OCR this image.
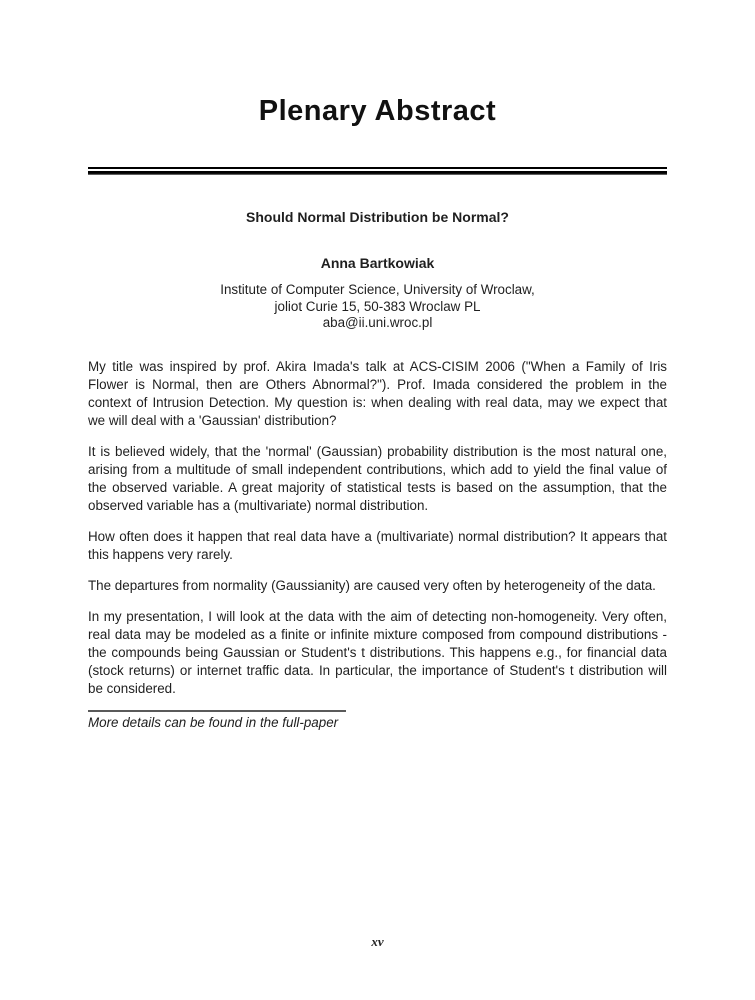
Plenary Abstract
Should Normal Distribution be Normal?
Anna Bartkowiak
Institute of Computer Science, University of Wroclaw,
joliot Curie 15, 50-383 Wroclaw PL
aba@ii.uni.wroc.pl

My title was inspired by prof. Akira Imada's talk at ACS-CISIM 2006 ("When a Family of Iris Flower is Normal, then are Others Abnormal?"). Prof. Imada considered the problem in the context of Intrusion Detection. My question is: when dealing with real data, may we expect that we will deal with a 'Gaussian' distribution?

It is believed widely, that the 'normal' (Gaussian) probability distribution is the most natural one, arising from a multitude of small independent contributions, which add to yield the final value of the observed variable. A great majority of statistical tests is based on the assumption, that the observed variable has a (multivariate) normal distribution.

How often does it happen that real data have a (multivariate) normal distribution? It appears that this happens very rarely.

The departures from normality (Gaussianity) are caused very often by heterogeneity of the data.

In my presentation, I will look at the data with the aim of detecting non-homogeneity. Very often, real data may be modeled as a finite or infinite mixture composed from compound distributions - the compounds being Gaussian or Student's t distributions. This happens e.g., for financial data (stock returns) or internet traffic data. In particular, the importance of Student's t distribution will be considered.

More details can be found in the full-paper

xv
